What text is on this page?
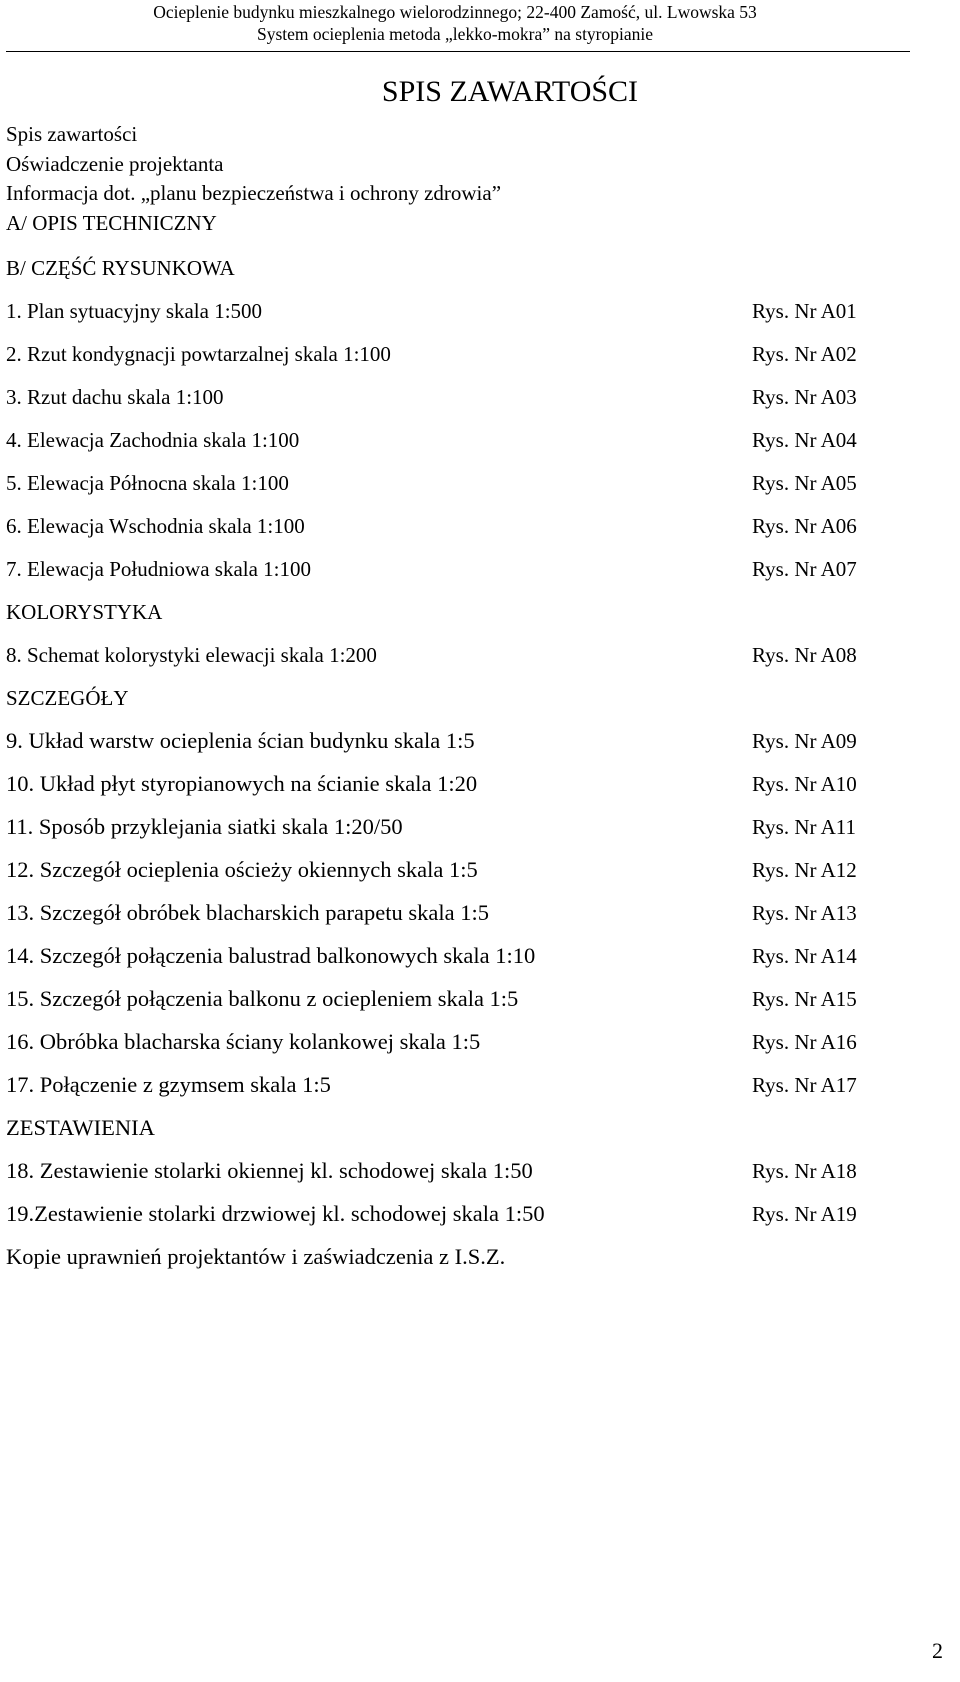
Ocieplenie budynku mieszkalnego wielorodzinnego; 22-400 Zamość, ul. Lwowska 53
System ocieplenia metoda „lekko-mokra” na styropianie
SPIS ZAWARTOŚCI
Spis zawartości
Oświadczenie projektanta
Informacja dot. „planu bezpieczeństwa i ochrony zdrowia”
A/ OPIS TECHNICZNY
B/ CZĘŚĆ RYSUNKOWA
1. Plan sytuacyjny skala 1:500	Rys. Nr A01
2. Rzut kondygnacji powtarzalnej skala 1:100	Rys. Nr A02
3. Rzut dachu skala 1:100	Rys. Nr A03
4. Elewacja Zachodnia skala 1:100	Rys. Nr A04
5. Elewacja Północna skala 1:100	Rys. Nr A05
6. Elewacja Wschodnia skala 1:100	Rys. Nr A06
7. Elewacja Południowa skala 1:100	Rys. Nr A07
KOLORYSTYKA
8. Schemat kolorystyki elewacji skala 1:200	Rys. Nr A08
SZCZEGÓŁY
9. Układ warstw ocieplenia ścian budynku skala 1:5	Rys. Nr A09
10. Układ płyt styropianowych na ścianie skala 1:20	Rys. Nr A10
11. Sposób przyklejania siatki skala 1:20/50	Rys. Nr A11
12. Szczegół ocieplenia ościeży okiennych skala 1:5	Rys. Nr A12
13. Szczegół obróbek blacharskich parapetu skala 1:5	Rys. Nr A13
14. Szczegół połączenia balustrad balkonowych skala 1:10	Rys. Nr A14
15. Szczegół połączenia balkonu z ociepleniem skala 1:5	Rys. Nr A15
16. Obróbka blacharska ściany kolankowej skala 1:5	Rys. Nr A16
17. Połączenie z gzymsem skala 1:5	Rys. Nr A17
ZESTAWIENIA
18. Zestawienie stolarki okiennej kl. schodowej skala 1:50	Rys. Nr A18
19.Zestawienie stolarki drzwiowej kl. schodowej skala 1:50	Rys. Nr A19
Kopie uprawnień projektantów i zaświadczenia z I.S.Z.
2
